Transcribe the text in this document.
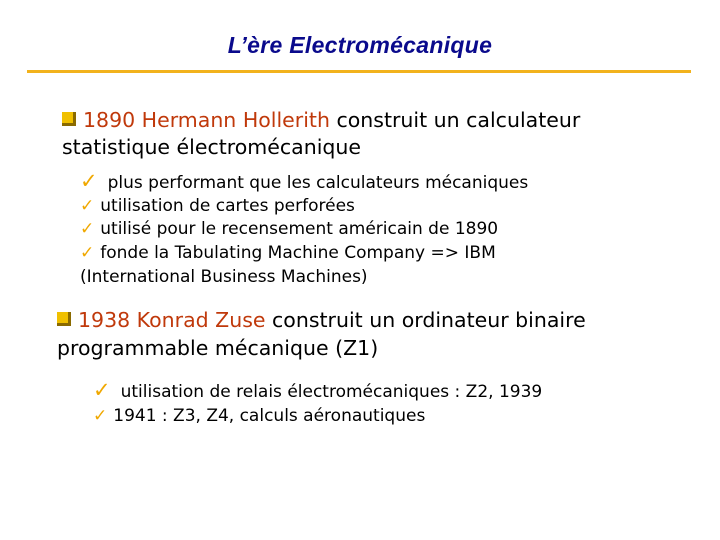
L’ère Electromécanique
1890 Hermann Hollerith construit un calculateur
statistique électromécanique
✓ plus performant que les calculateurs mécaniques
✓ utilisation de cartes perforées
✓ utilisé pour le recensement américain de 1890
✓ fonde la Tabulating Machine Company => IBM
(International Business Machines)
1938 Konrad Zuse construit un ordinateur binaire
programmable mécanique (Z1)
✓ utilisation de relais électromécaniques : Z2, 1939
✓ 1941 : Z3, Z4, calculs aéronautiques
